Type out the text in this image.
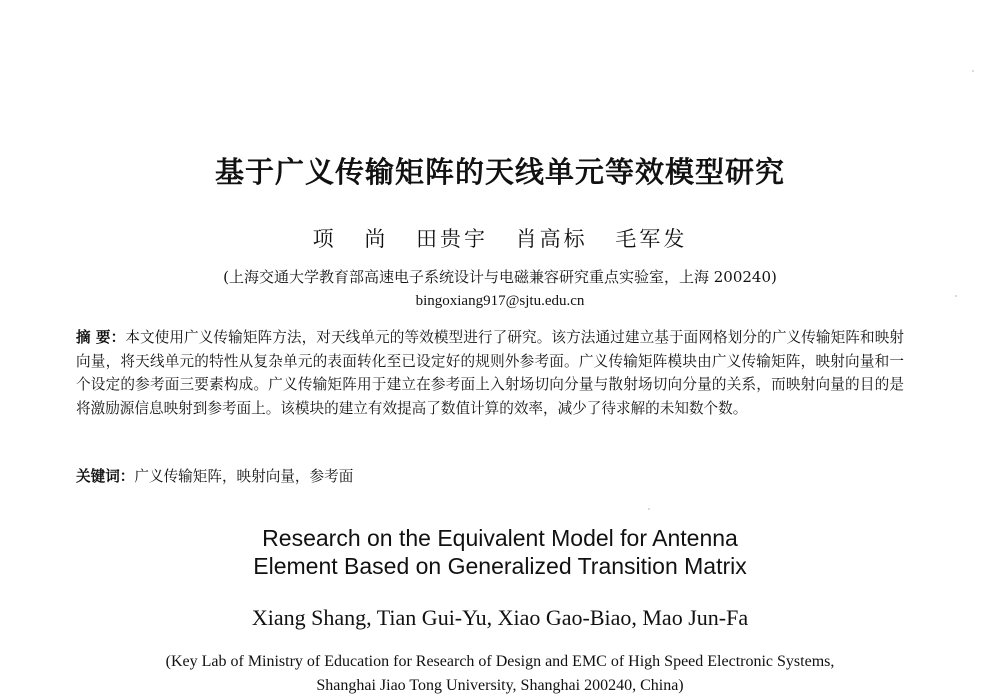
基于广义传输矩阵的天线单元等效模型研究
项 尚 田贵宇 肖高标 毛军发
(上海交通大学教育部高速电子系统设计与电磁兼容研究重点实验室，上海 200240)
bingoxiang917@sjtu.edu.cn
摘 要：本文使用广义传输矩阵方法，对天线单元的等效模型进行了研究。该方法通过建立基于面网格划分的广义传输矩阵和映射向量，将天线单元的特性从复杂单元的表面转化至已设定好的规则外参考面。广义传输矩阵模块由广义传输矩阵，映射向量和一个设定的参考面三要素构成。广义传输矩阵用于建立在参考面上入射场切向分量与散射场切向分量的关系，而映射向量的目的是将激励源信息映射到参考面上。该模块的建立有效提高了数值计算的效率，减少了待求解的未知数个数。
关键词：广义传输矩阵，映射向量，参考面
Research on the Equivalent Model for Antenna
Element Based on Generalized Transition Matrix
Xiang Shang, Tian Gui-Yu, Xiao Gao-Biao, Mao Jun-Fa
(Key Lab of Ministry of Education for Research of Design and EMC of High Speed Electronic Systems,
Shanghai Jiao Tong University, Shanghai 200240, China)
